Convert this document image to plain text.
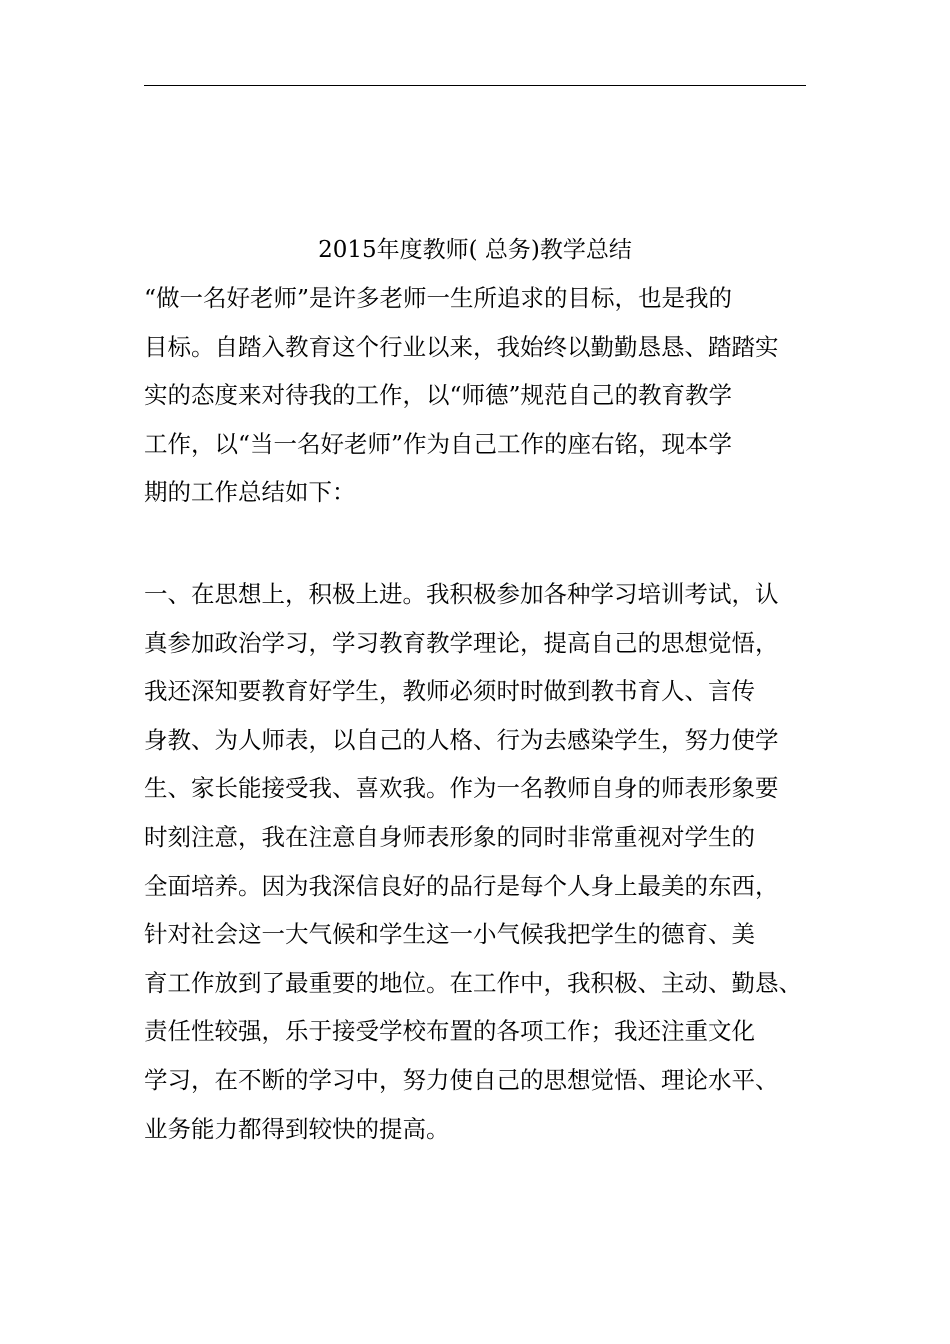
2015年度教师( 总务)教学总结

“做一名好老师”是许多老师一生所追求的目标，也是我的
目标。自踏入教育这个行业以来，我始终以勤勤恳恳、踏踏实
实的态度来对待我的工作，以“师德”规范自己的教育教学
工作，以“当一名好老师”作为自己工作的座右铭，现本学
期的工作总结如下：

一、在思想上，积极上进。我积极参加各种学习培训考试，认
真参加政治学习，学习教育教学理论，提高自己的思想觉悟，
我还深知要教育好学生，教师必须时时做到教书育人、言传
身教、为人师表，以自己的人格、行为去感染学生，努力使学
生、家长能接受我、喜欢我。作为一名教师自身的师表形象要
时刻注意，我在注意自身师表形象的同时非常重视对学生的
全面培养。因为我深信良好的品行是每个人身上最美的东西，
针对社会这一大气候和学生这一小气候我把学生的德育、美
育工作放到了最重要的地位。在工作中，我积极、主动、勤恳、
责任性较强，乐于接受学校布置的各项工作；我还注重文化
学习，在不断的学习中，努力使自己的思想觉悟、理论水平、
业务能力都得到较快的提高。
